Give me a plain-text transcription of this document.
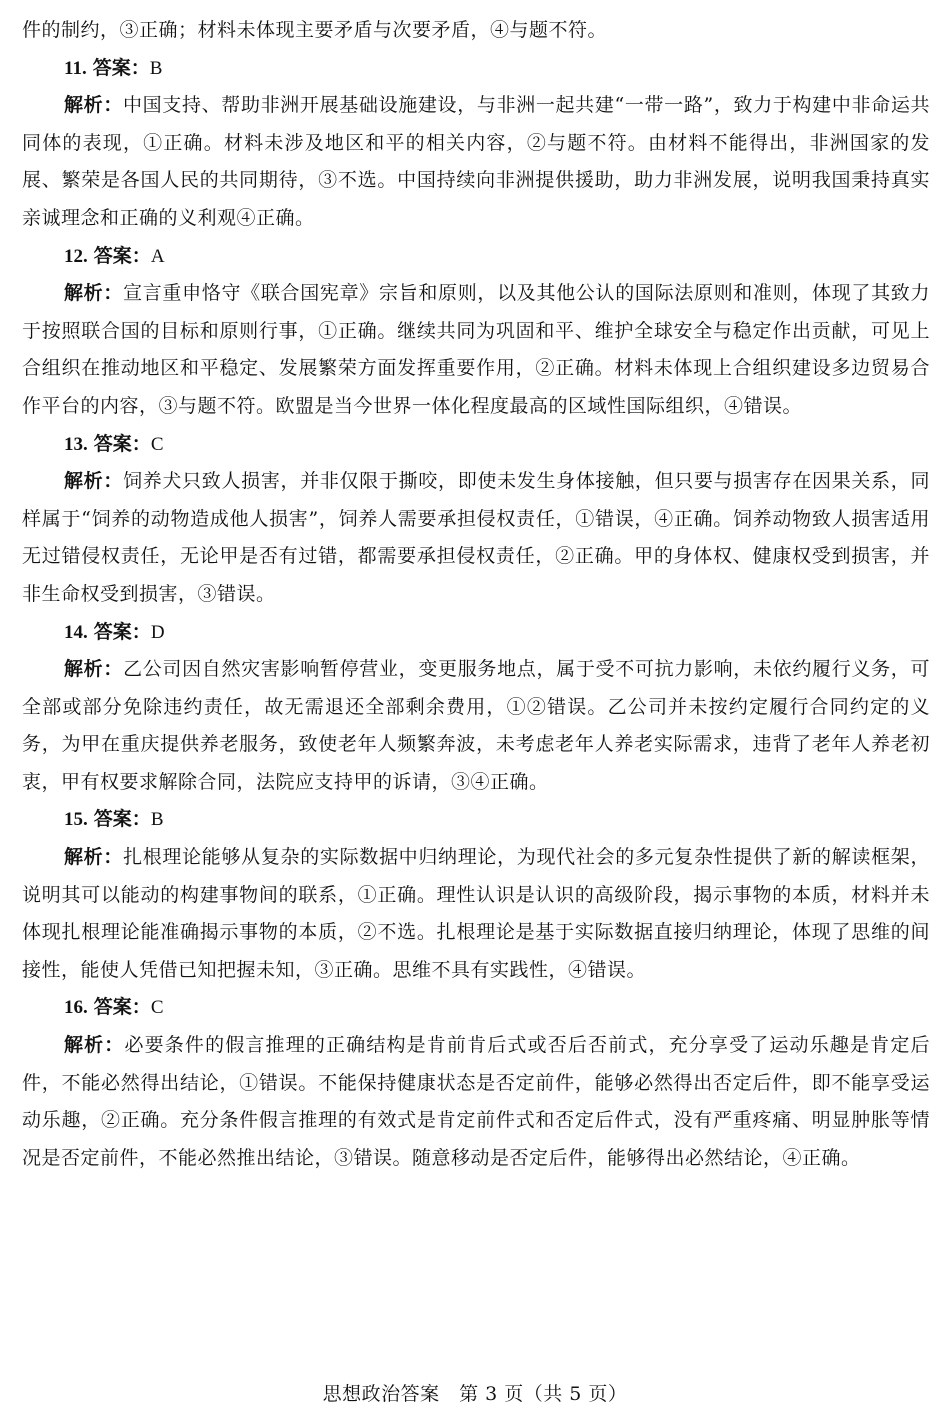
件的制约，③正确；材料未体现主要矛盾与次要矛盾，④与题不符。

11. 答案：B

解析：中国支持、帮助非洲开展基础设施建设，与非洲一起共建“一带一路”，致力于构建中非命运共同体的表现，①正确。材料未涉及地区和平的相关内容，②与题不符。由材料不能得出，非洲国家的发展、繁荣是各国人民的共同期待，③不选。中国持续向非洲提供援助，助力非洲发展，说明我国秉持真实亲诚理念和正确的义利观④正确。

12. 答案：A

解析：宣言重申恪守《联合国宪章》宗旨和原则，以及其他公认的国际法原则和准则，体现了其致力于按照联合国的目标和原则行事，①正确。继续共同为巩固和平、维护全球安全与稳定作出贡献，可见上合组织在推动地区和平稳定、发展繁荣方面发挥重要作用，②正确。材料未体现上合组织建设多边贸易合作平台的内容，③与题不符。欧盟是当今世界一体化程度最高的区域性国际组织，④错误。

13. 答案：C

解析：饲养犬只致人损害，并非仅限于撕咬，即使未发生身体接触，但只要与损害存在因果关系，同样属于“饲养的动物造成他人损害”，饲养人需要承担侵权责任，①错误，④正确。饲养动物致人损害适用无过错侵权责任，无论甲是否有过错，都需要承担侵权责任，②正确。甲的身体权、健康权受到损害，并非生命权受到损害，③错误。

14. 答案：D

解析：乙公司因自然灾害影响暂停营业，变更服务地点，属于受不可抗力影响，未依约履行义务，可全部或部分免除违约责任，故无需退还全部剩余费用，①②错误。乙公司并未按约定履行合同约定的义务，为甲在重庆提供养老服务，致使老年人频繁奔波，未考虑老年人养老实际需求，违背了老年人养老初衷，甲有权要求解除合同，法院应支持甲的诉请，③④正确。

15. 答案：B

解析：扎根理论能够从复杂的实际数据中归纳理论，为现代社会的多元复杂性提供了新的解读框架，说明其可以能动的构建事物间的联系，①正确。理性认识是认识的高级阶段，揭示事物的本质，材料并未体现扎根理论能准确揭示事物的本质，②不选。扎根理论是基于实际数据直接归纳理论，体现了思维的间接性，能使人凭借已知把握未知，③正确。思维不具有实践性，④错误。

16. 答案：C

解析：必要条件的假言推理的正确结构是肯前肯后式或否后否前式，充分享受了运动乐趣是肯定后件，不能必然得出结论，①错误。不能保持健康状态是否定前件，能够必然得出否定后件，即不能享受运动乐趣，②正确。充分条件假言推理的有效式是肯定前件式和否定后件式，没有严重疼痛、明显肿胀等情况是否定前件，不能必然推出结论，③错误。随意移动是否定后件，能够得出必然结论，④正确。

思想政治答案　第 3 页（共 5 页）
